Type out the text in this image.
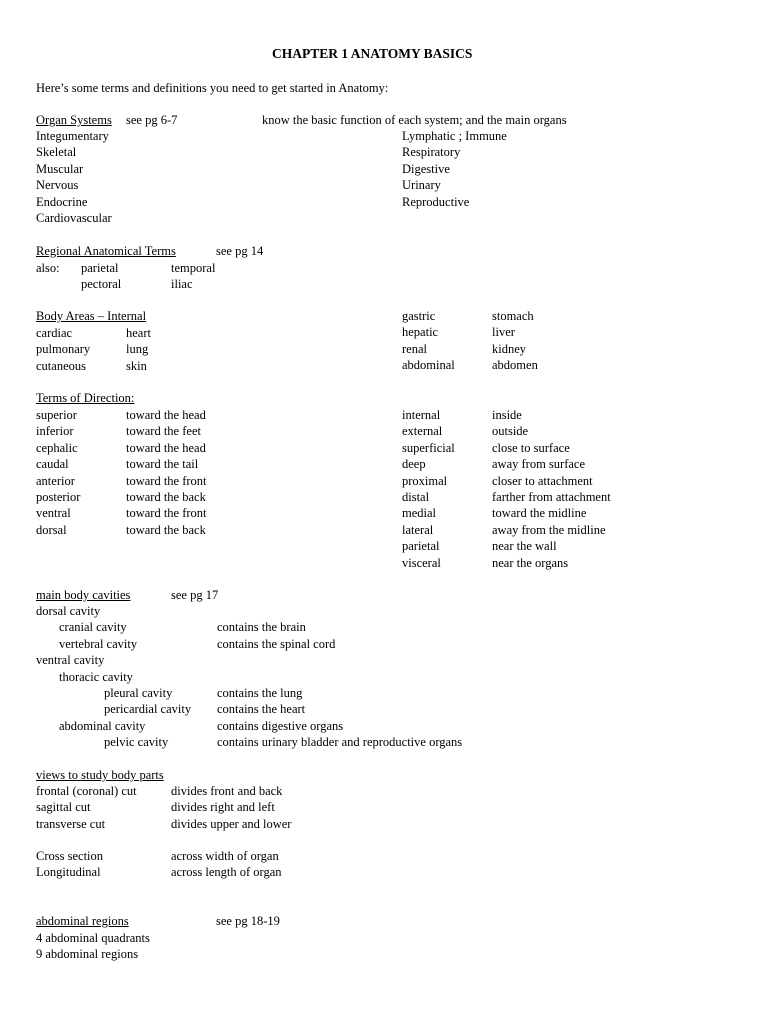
CHAPTER 1 ANATOMY BASICS
Here’s some terms and definitions you need to get started in Anatomy:
Organ Systems see pg 6-7	know the basic function of each system; and the main organs
Integumentary
Skeletal
Muscular
Nervous
Endocrine
Cardiovascular
Lymphatic ; Immune
Respiratory
Digestive
Urinary
Reproductive
Regional Anatomical Terms	see pg 14
also: parietal	temporal
pectoral	iliac
Body Areas – Internal
cardiac	heart
pulmonary	lung
cutaneous	skin
gastric	stomach
hepatic	liver
renal	kidney
abdominal	abdomen
Terms of Direction:
superior	toward the head
inferior	toward the feet
cephalic	toward the head
caudal	toward the tail
anterior	toward the front
posterior	toward the back
ventral	toward the front
dorsal	toward the back
internal	inside
external	outside
superficial	close to surface
deep	away from surface
proximal	closer to attachment
distal	farther from attachment
medial	toward the midline
lateral	away from the midline
parietal	near the wall
visceral	near the organs
main body cavities	see pg 17
dorsal cavity
cranial cavity	contains the brain
vertebral cavity	contains the spinal cord
ventral cavity
thoracic cavity
pleural cavity	contains the lung
pericardial cavity contains the heart
abdominal cavity	contains digestive organs
pelvic cavity	contains urinary bladder and reproductive organs
views to study body parts
frontal (coronal) cut	divides front and back
sagittal cut	divides right and left
transverse cut	divides upper and lower
Cross section	across width of organ
Longitudinal	across length of organ
abdominal regions	see pg 18-19
4 abdominal quadrants
9 abdominal regions
